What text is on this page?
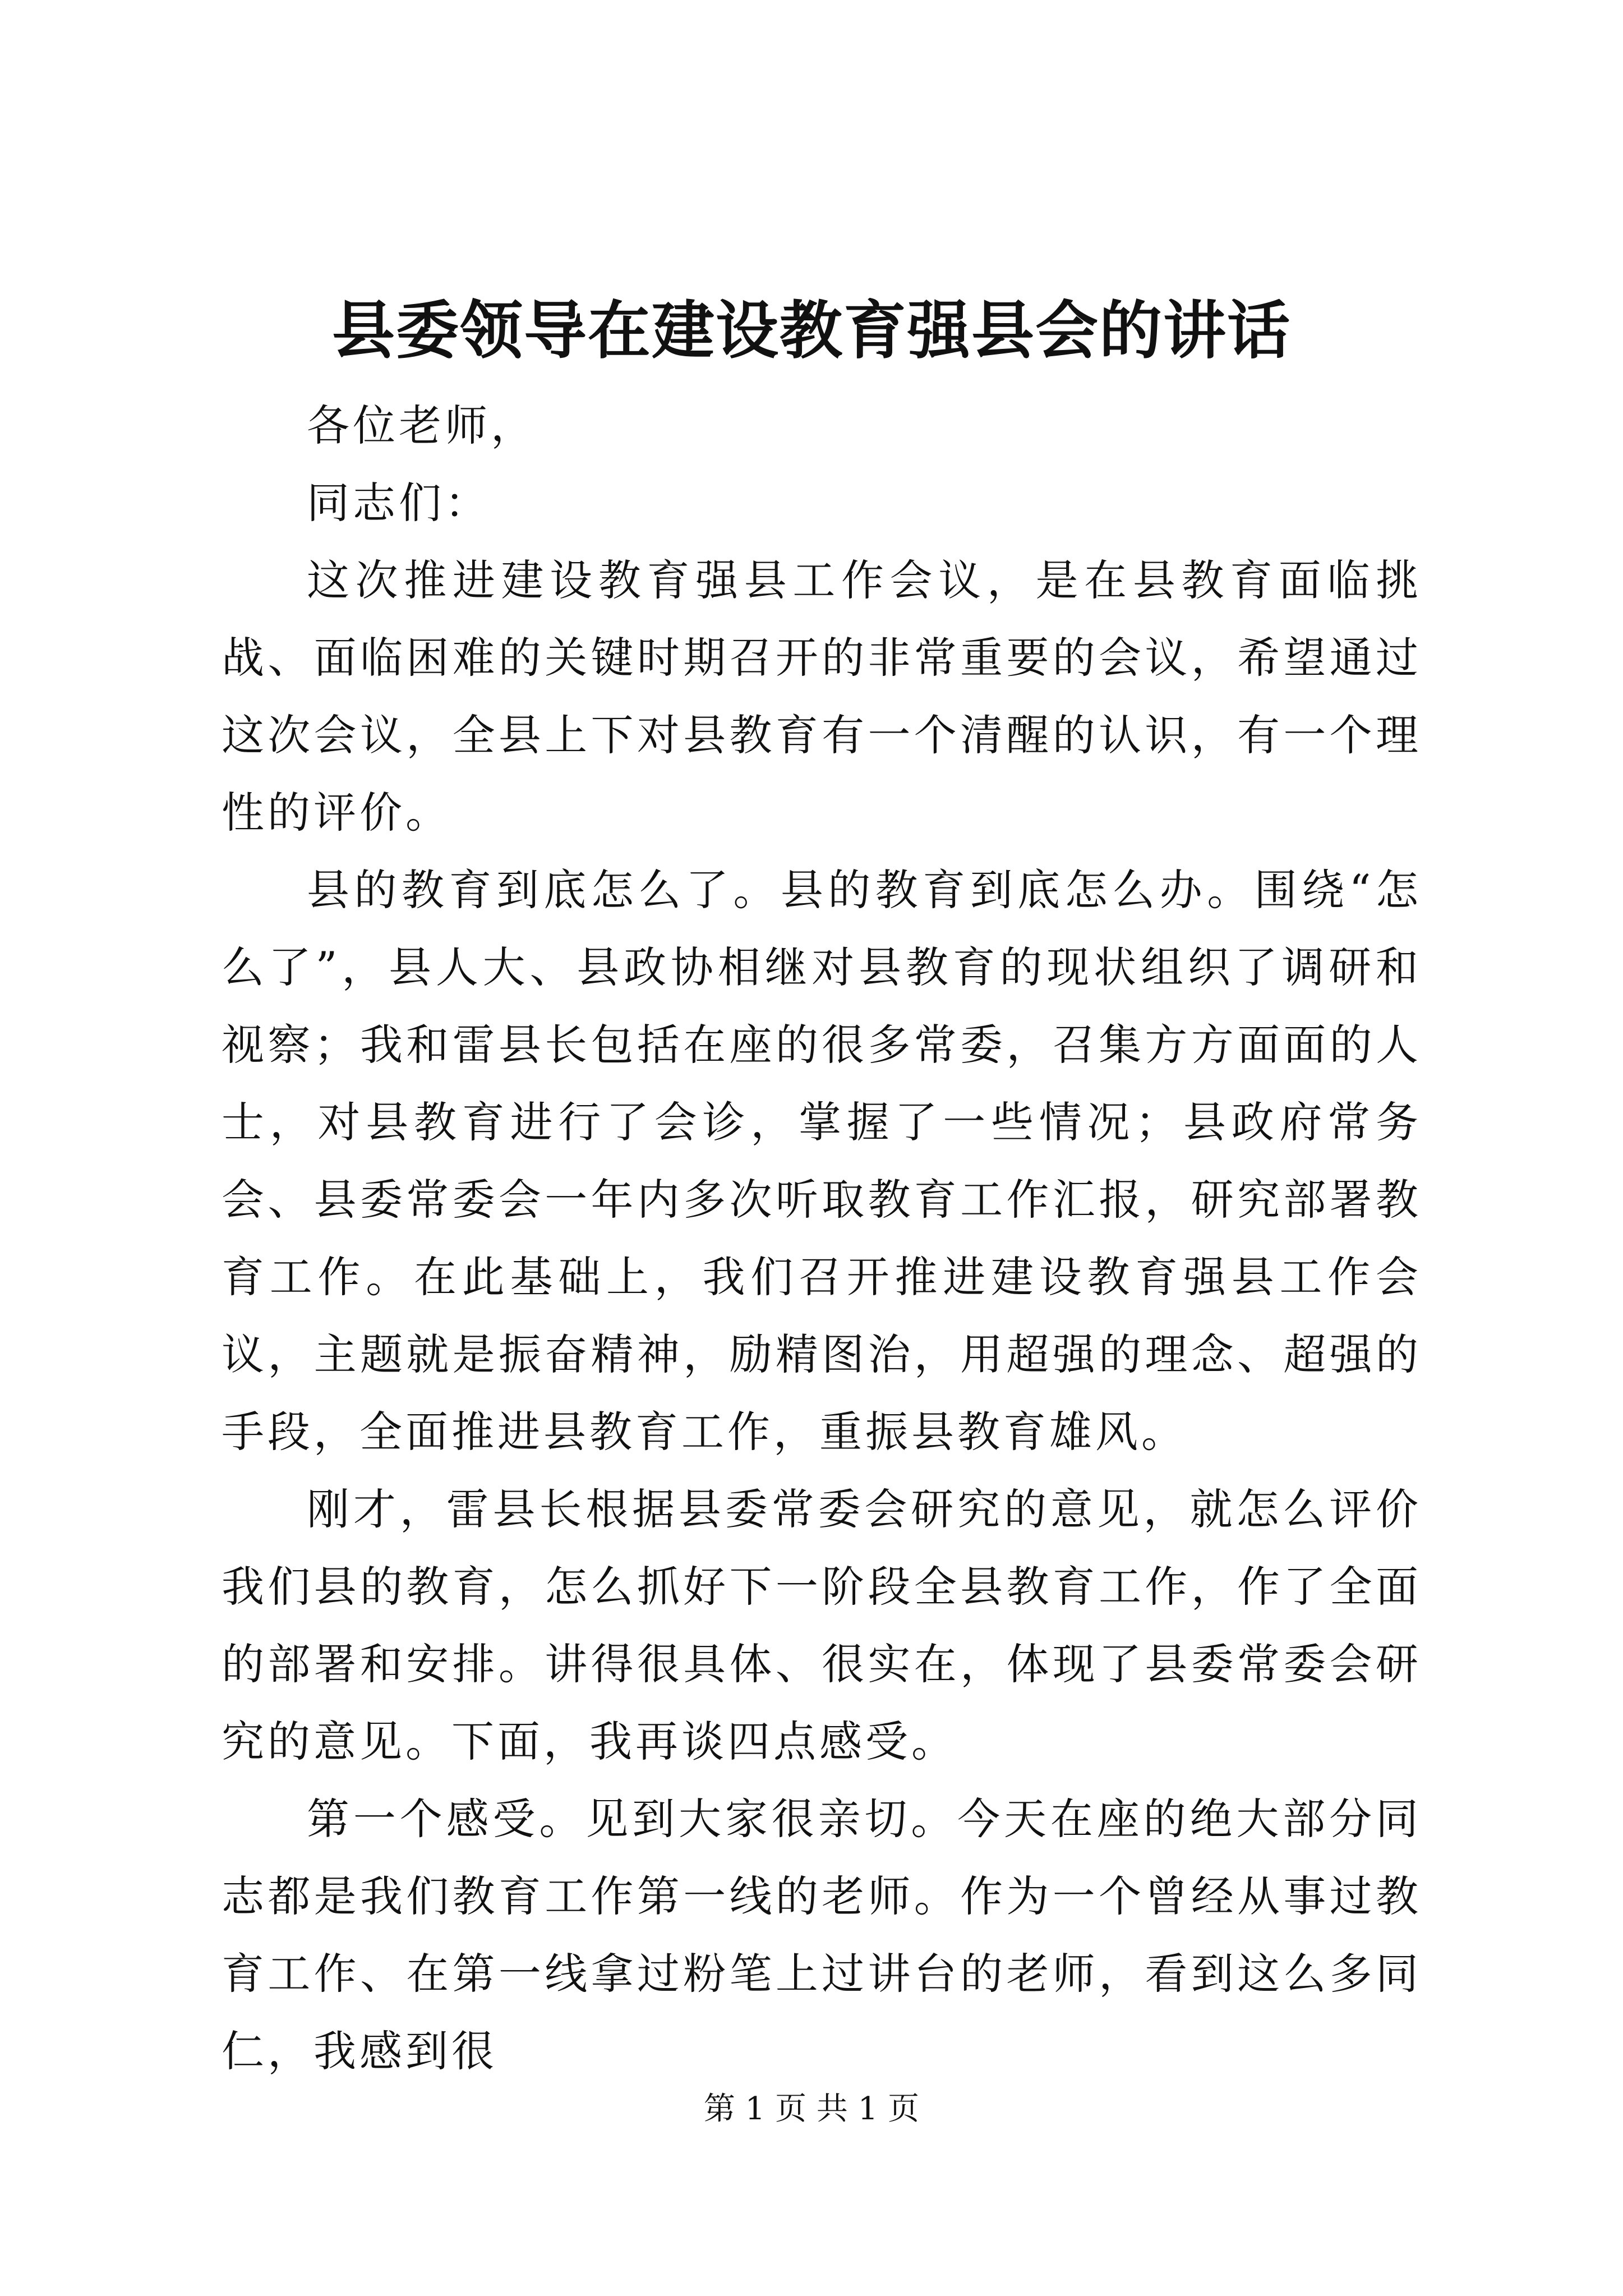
县委领导在建设教育强县会的讲话

各位老师，

同志们：

这次推进建设教育强县工作会议，是在县教育面临挑战、面临困难的关键时期召开的非常重要的会议，希望通过这次会议，全县上下对县教育有一个清醒的认识，有一个理性的评价。

县的教育到底怎么了。县的教育到底怎么办。围绕“怎么了”，县人大、县政协相继对县教育的现状组织了调研和视察；我和雷县长包括在座的很多常委，召集方方面面的人士，对县教育进行了会诊，掌握了一些情况；县政府常务会、县委常委会一年内多次听取教育工作汇报，研究部署教育工作。在此基础上，我们召开推进建设教育强县工作会议，主题就是振奋精神，励精图治，用超强的理念、超强的手段，全面推进县教育工作，重振县教育雄风。

刚才，雷县长根据县委常委会研究的意见，就怎么评价我们县的教育，怎么抓好下一阶段全县教育工作，作了全面的部署和安排。讲得很具体、很实在，体现了县委常委会研究的意见。下面，我再谈四点感受。

第一个感受。见到大家很亲切。今天在座的绝大部分同志都是我们教育工作第一线的老师。作为一个曾经从事过教育工作、在第一线拿过粉笔上过讲台的老师，看到这么多同仁，我感到很

第 1 页 共 1 页
